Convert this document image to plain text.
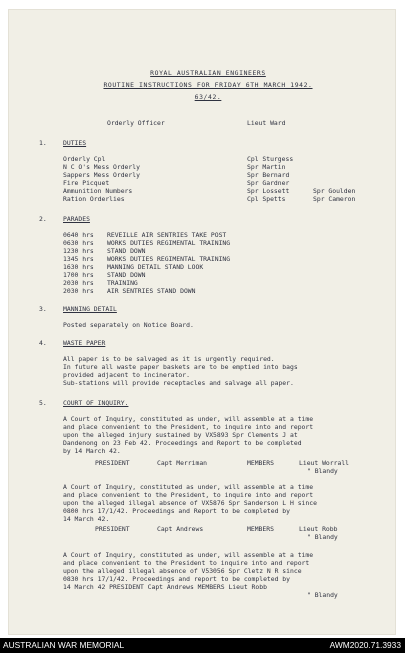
ROYAL AUSTRALIAN ENGINEERS
ROUTINE INSTRUCTIONS FOR FRIDAY 6TH MARCH 1942.
63/42.
Orderly Officer	Lieut Ward
1.	DUTIES
Orderly Cpl	Cpl Sturgess
N C O's Mess Orderly	Spr Martin
Sappers Mess Orderly	Spr Bernard
Fire Picquet	Spr Gardner
Ammunition Numbers	Spr Lossett	Spr Goulden
Ration Orderlies	Cpl Spetts	Spr Cameron
2.	PARADES
0640 hrs REVEILLE AIR SENTRIES TAKE POST
0630 hrs WORKS DUTIES REGIMENTAL TRAINING
1230 hrs STAND DOWN
1345 hrs WORKS DUTIES REGIMENTAL TRAINING
1630 hrs MANNING DETAIL STAND LOOK
1700 hrs STAND DOWN
2030 hrs TRAINING
2030 hrs AIR SENTRIES STAND DOWN
3.	MANNING DETAIL
Posted separately on Notice Board.
4.	WASTE PAPER
All paper is to be salvaged as it is urgently required.
In future all waste paper baskets are to be emptied into bags
provided adjacent to incinerator.
Sub-stations will provide receptacles and salvage all paper.
5.	COURT OF INQUIRY.
A Court of Inquiry, constituted as under, will assemble at a time
and place convenient to the President, to inquire into and report
upon the alleged injury sustained by VX5893 Spr Clements J at
Dandenong on 23 Feb 42. Proceedings and Report to be completed
by 14 March 42.
PRESIDENT	Capt Merriman	MEMBERS	Lieut Worrall
" Blandy
A Court of Inquiry, constituted as under, will assemble at a time
and place convenient to the President, to inquire into and report
upon the alleged illegal absence of VX5876 Spr Sanderson L H since
0800 hrs 17/1/42. Proceedings and Report to be completed by
14 March 42.
PRESIDENT	Capt Andrews	MEMBERS	Lieut Robb
" Blandy
A Court of Inquiry, constituted as under, will assemble at a time
and place convenient to the President to inquire into and report
upon the alleged illegal absence of V53056 Spr Cletz N R since
0830 hrs 17/1/42. Proceedings and report to be completed by
14 March 42 PRESIDENT Capt Andrews MEMBERS Lieut Robb
" Blandy
AUSTRALIAN WAR MEMORIAL	AWM2020.71.3933
